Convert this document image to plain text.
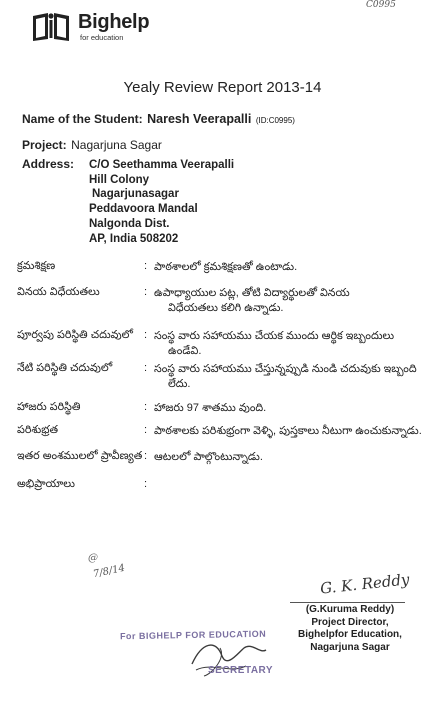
Bighelp
for education
C0995
Yealy Review Report 2013-14
Name of the Student: Naresh Veerapalli (ID:C0995)
Project: Nagarjuna Sagar
Address: C/O Seethamma Veerapalli
Hill Colony
Nagarjunasagar
Peddavoora Mandal
Nalgonda Dist.
AP, India 508202
క్రమశిక్షణ	: పాఠశాలలో క్రమశిక్షణతో ఉంటాడు.
వినయ విధేయతలు	: ఉపాధ్యాయుల పట్ల, తోటి విద్యార్థులతో వినయ
విధేయతలు కలిగి ఉన్నాడు.
పూర్వపు పరిస్థితి చదువులో : సంస్థ వారు సహాయము చేయక ముందు ఆర్థిక ఇబ్బందులు
ఉండేవి.
నేటి పరిస్థితి చదువులో	: సంస్థ వారు సహాయము చేస్తున్నప్పుడి నుండి చదువుకు ఇబ్బంది
లేదు.
హాజరు పరిస్థితి	: హాజరు 97 శాతము వుంది.
పరిశుభ్రత	: పాఠశాలకు పరిశుభ్రంగా వెళ్ళి, పుస్తకాలు నీటుగా ఉంచుకున్నాడు.
ఇతర అంశములలో ప్రావీణ్యత : ఆటలలో పాల్గొంటున్నాడు.
అభిప్రాయాలు	:
@
7/8/14	G. K. Reddy
(G.Kuruma Reddy)
Project Director,
Bighelpfor Education,
Nagarjuna Sagar
For BIGHELP FOR EDUCATION
SECRETARY
